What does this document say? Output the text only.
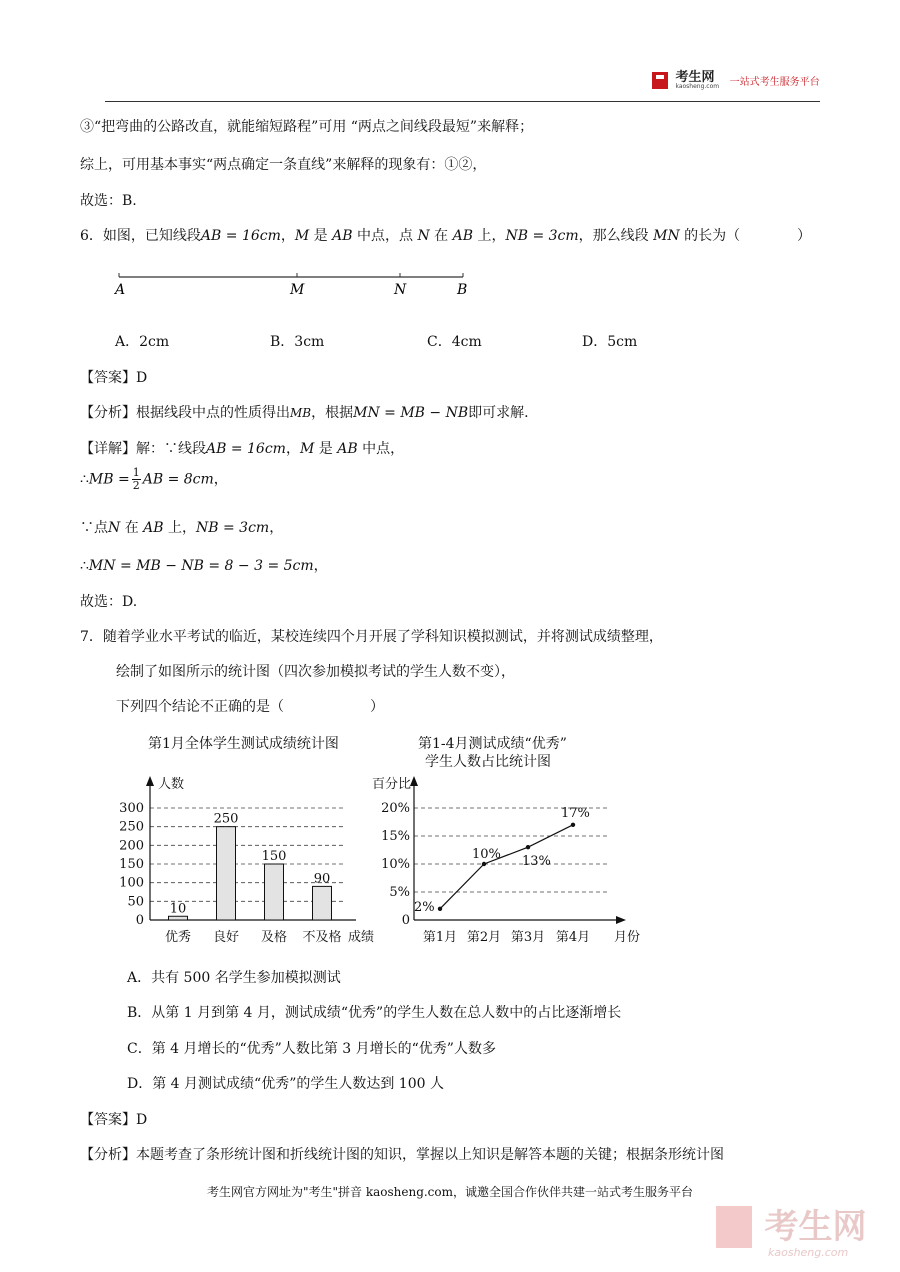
考生网
kaosheng.com 一站式考生服务平台
③“把弯曲的公路改直，就能缩短路程”可用 “两点之间线段最短”来解释；
综上，可用基本事实“两点确定一条直线”来解释的现象有：①②，
故选：B.
6．如图，已知线段AB = 16cm，M 是 AB 中点，点 N 在 AB 上，NB = 3cm，那么线段 MN 的长为（	）
A	M	N	B
A．2cm	B．3cm	C．4cm	D．5cm
【答案】D
【分析】根据线段中点的性质得出MB，根据MN = MB − NB即可求解.
【详解】解：∵线段AB = 16cm，M 是 AB 中点，
∴MB = $\frac{1}{2}$ AB = 8cm，
∵点N 在 AB 上，NB = 3cm，
∴MN = MB − NB = 8 − 3 = 5cm，
故选：D.
7．随着学业水平考试的临近，某校连续四个月开展了学科知识模拟测试，并将测试成绩整理，
绘制了如图所示的统计图（四次参加模拟考试的学生人数不变），
下列四个结论不正确的是（	）
第1月全体学生测试成绩统计图	第1-4月测试成绩“优秀”
学生人数占比统计图
0
50
100
150
200
250
300
人数
成绩
10
优秀
250
良好
150
及格
90
不及格
0
5%
10%
15%
20%
百分比
月份
2%
第1月
10%
第2月
13%
第3月
17%
第4月
A．共有 500 名学生参加模拟测试
B．从第 1 月到第 4 月，测试成绩“优秀”的学生人数在总人数中的占比逐渐增长
C．第 4 月增长的“优秀”人数比第 3 月增长的“优秀”人数多
D．第 4 月测试成绩“优秀”的学生人数达到 100 人
【答案】D
【分析】本题考查了条形统计图和折线统计图的知识，掌握以上知识是解答本题的关键；根据条形统计图
考生网官方网址为"考生"拼音 kaosheng.com，诚邀全国合作伙伴共建一站式考生服务平台
考生网
kaosheng.com
